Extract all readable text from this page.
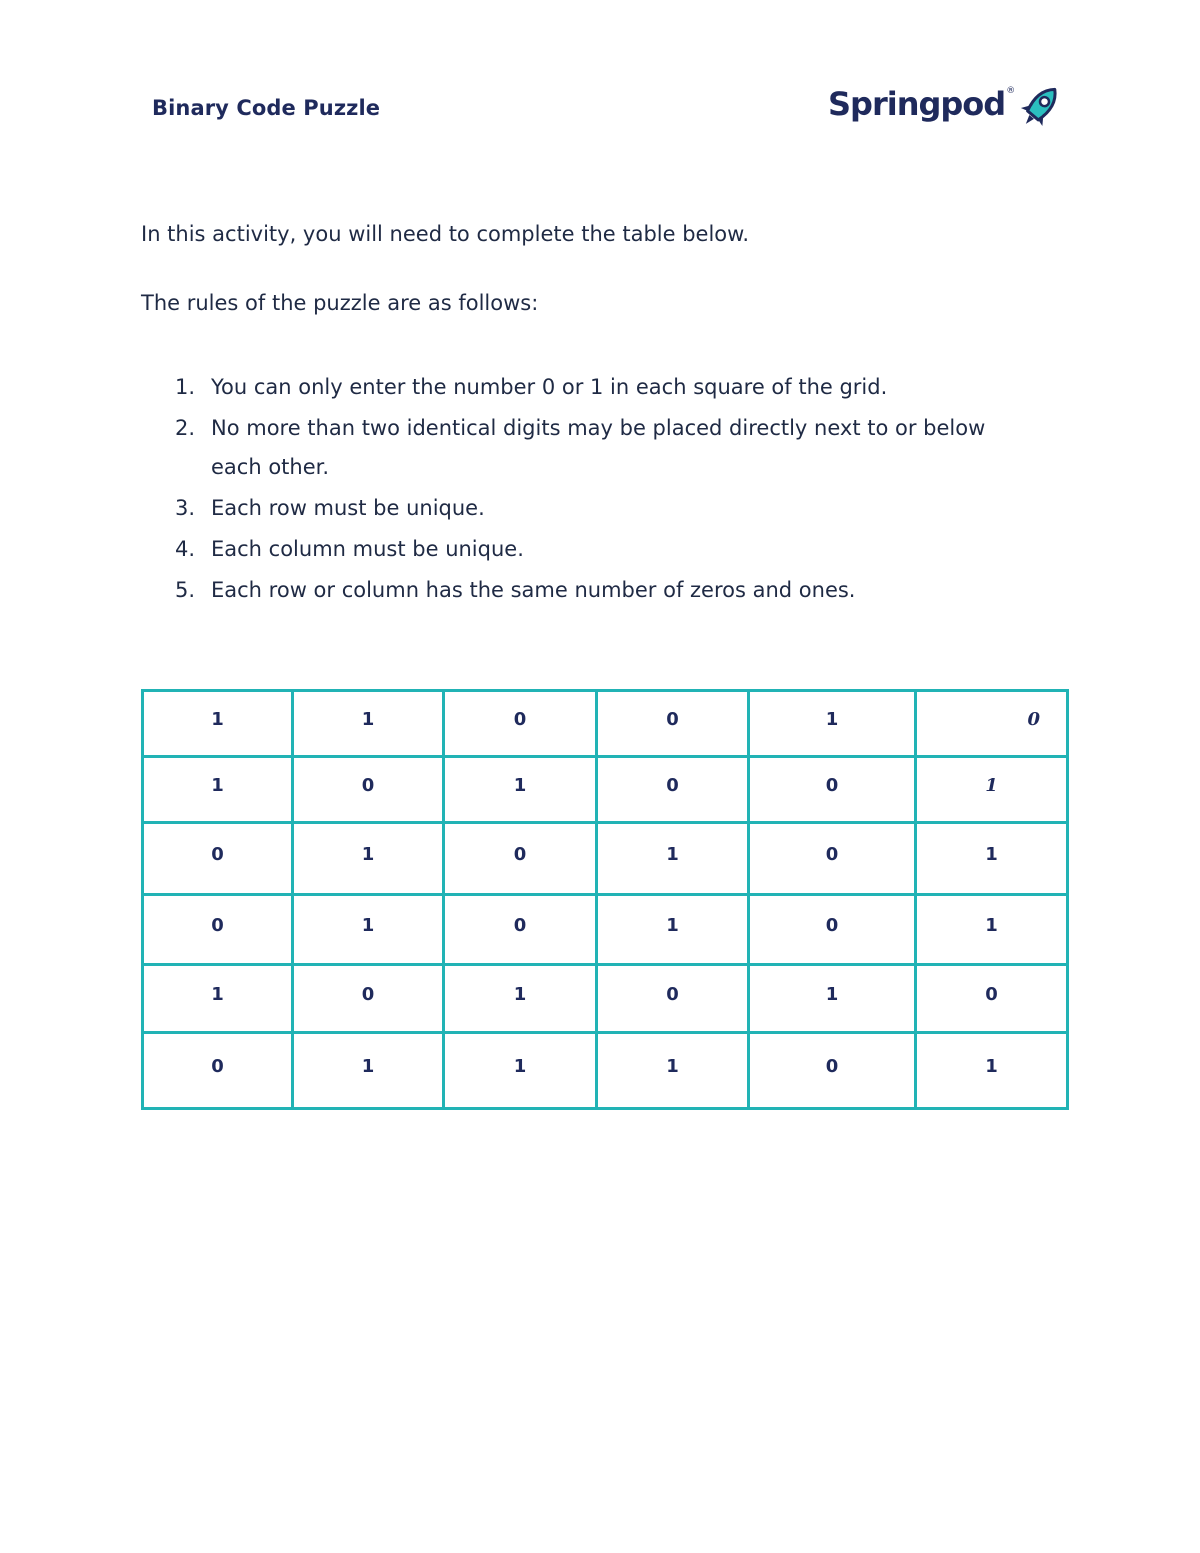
Binary Code Puzzle	Springpod ®

In this activity, you will need to complete the table below.

The rules of the puzzle are as follows:

1. You can only enter the number 0 or 1 in each square of the grid.
2. No more than two identical digits may be placed directly next to or below each other.
3. Each row must be unique.
4. Each column must be unique.
5. Each row or column has the same number of zeros and ones.
1	1	0	0	1	0
1	0	1	0	0	1
0	1	0	1	0	1
0	1	0	1	0	1
1	0	1	0	1	0
0	1	1	1	0	1
